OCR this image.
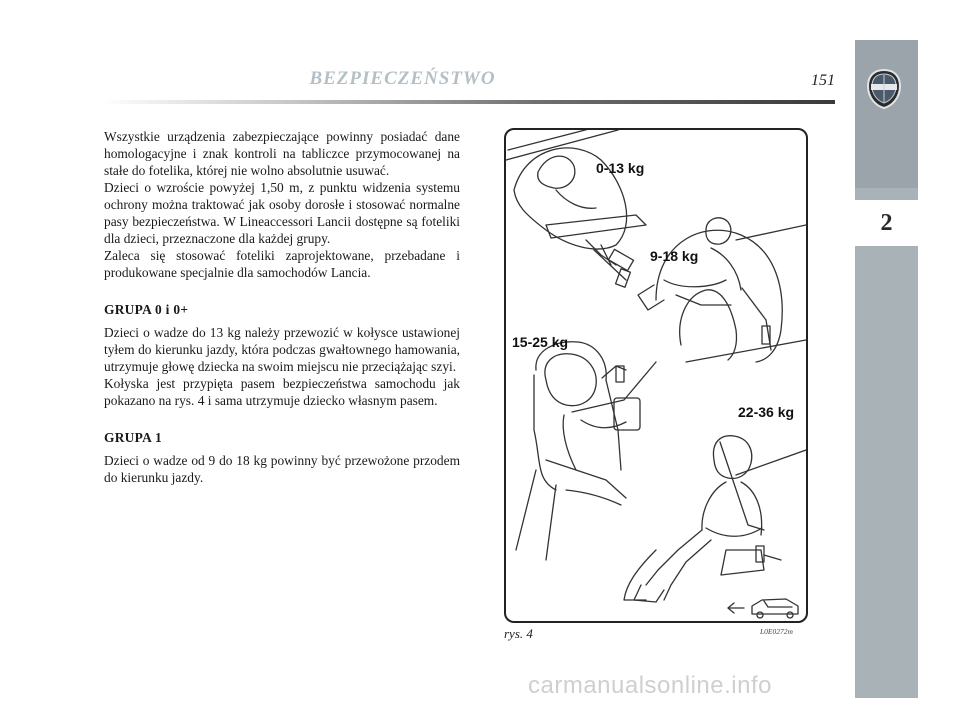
2
BEZPIECZEŃSTWO	151

Wszystkie urządzenia zabezpieczające powinny posiadać dane homologacyjne i znak kontroli na tabliczce przymocowanej na stałe do fotelika, której nie wolno absolutnie usuwać.

Dzieci o wzroście powyżej 1,50 m, z punktu widzenia systemu ochrony można traktować jak osoby dorosłe i stosować normalne pasy bezpieczeństwa. W Lineaccessori Lancii dostępne są foteliki dla dzieci, przeznaczone dla każdej grupy.

Zaleca się stosować foteliki zaprojektowane, przebadane i produkowane specjalnie dla samochodów Lancia.

GRUPA 0 i 0+

Dzieci o wadze do 13 kg należy przewozić w kołysce ustawionej tyłem do kierunku jazdy, która podczas gwałtownego hamowania, utrzymuje głowę dziecka na swoim miejscu nie przeciążając szyi.

Kołyska jest przypięta pasem bezpieczeństwa samochodu jak pokazano na rys. 4 i sama utrzymuje dziecko własnym pasem.

GRUPA 1

Dzieci o wadze od 9 do 18 kg powinny być przewożone przodem do kierunku jazdy.

0-13 kg
9-18 kg
15-25 kg
22-36 kg
rys. 4	L0E0272m
carmanualsonline.info
